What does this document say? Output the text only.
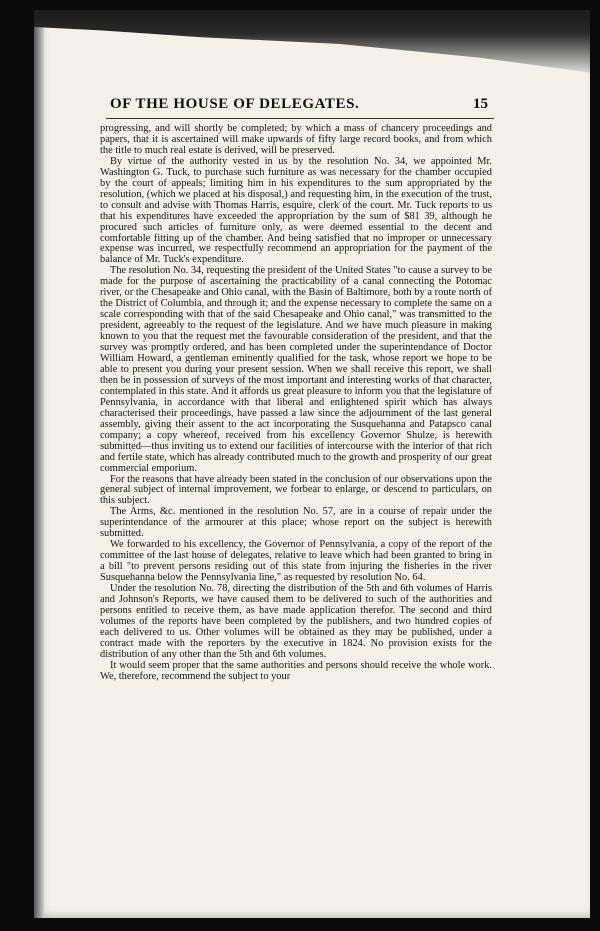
OF THE HOUSE OF DELEGATES.	15

progressing, and will shortly be completed; by which a mass of chancery proceedings and papers, that it is ascertained will make upwards of fifty large record books, and from which the title to much real estate is derived, will be preserved.

By virtue of the authority vested in us by the resolution No. 34, we appointed Mr. Washington G. Tuck, to purchase such furniture as was necessary for the chamber occupied by the court of appeals; limiting him in his expenditures to the sum appropriated by the resolution, (which we placed at his disposal,) and requesting him, in the execution of the trust, to consult and advise with Thomas Harris, esquire, clerk of the court. Mr. Tuck reports to us that his expenditures have exceeded the appropriation by the sum of $81 39, although he procured such articles of furniture only, as were deemed essential to the decent and comfortable fitting up of the chamber. And being satisfied that no improper or unnecessary expense was incurred, we respectfully recommend an appropriation for the payment of the balance of Mr. Tuck's expenditure.

The resolution No. 34, requesting the president of the United States "to cause a survey to be made for the purpose of ascertaining the practicability of a canal connecting the Potomac river, or the Chesapeake and Ohio canal, with the Basin of Baltimore, both by a route north of the District of Columbia, and through it; and the expense necessary to complete the same on a scale corresponding with that of the said Chesapeake and Ohio canal," was transmitted to the president, agreeably to the request of the legislature. And we have much pleasure in making known to you that the request met the favourable consideration of the president, and that the survey was promptly ordered, and has been completed under the superintendance of Doctor William Howard, a gentleman eminently qualified for the task, whose report we hope to be able to present you during your present session. When we shall receive this report, we shall then be in possession of surveys of the most important and interesting works of that character, contemplated in this state. And it affords us great pleasure to inform you that the legislature of Pennsylvania, in accordance with that liberal and enlightened spirit which has always characterised their proceedings, have passed a law since the adjournment of the last general assembly, giving their assent to the act incorporating the Susquehanna and Patapsco canal company; a copy whereof, received from his excellency Governor Shulze, is herewith submitted—thus inviting us to extend our facilities of intercourse with the interior of that rich and fertile state, which has already contributed much to the growth and prosperity of our great commercial emporium.

For the reasons that have already been stated in the conclusion of our observations upon the general subject of internal improvement, we forbear to enlarge, or descend to particulars, on this subject.

The Arms, &c. mentioned in the resolution No. 57, are in a course of repair under the superintendance of the armourer at this place; whose report on the subject is herewith submitted.

We forwarded to his excellency, the Governor of Pennsylvania, a copy of the report of the committee of the last house of delegates, relative to leave which had been granted to bring in a bill "to prevent persons residing out of this state from injuring the fisheries in the river Susquehanna below the Pennsylvania line," as requested by resolution No. 64.

Under the resolution No. 78, directing the distribution of the 5th and 6th volumes of Harris and Johnson's Reports, we have caused them to be delivered to such of the authorities and persons entitled to receive them, as have made application therefor. The second and third volumes of the reports have been completed by the publishers, and two hundred copies of each delivered to us. Other volumes will be obtained as they may be published, under a contract made with the reporters by the executive in 1824. No provision exists for the distribution of any other than the 5th and 6th volumes.

It would seem proper that the same authorities and persons should receive the whole work. We, therefore, recommend the subject to your
